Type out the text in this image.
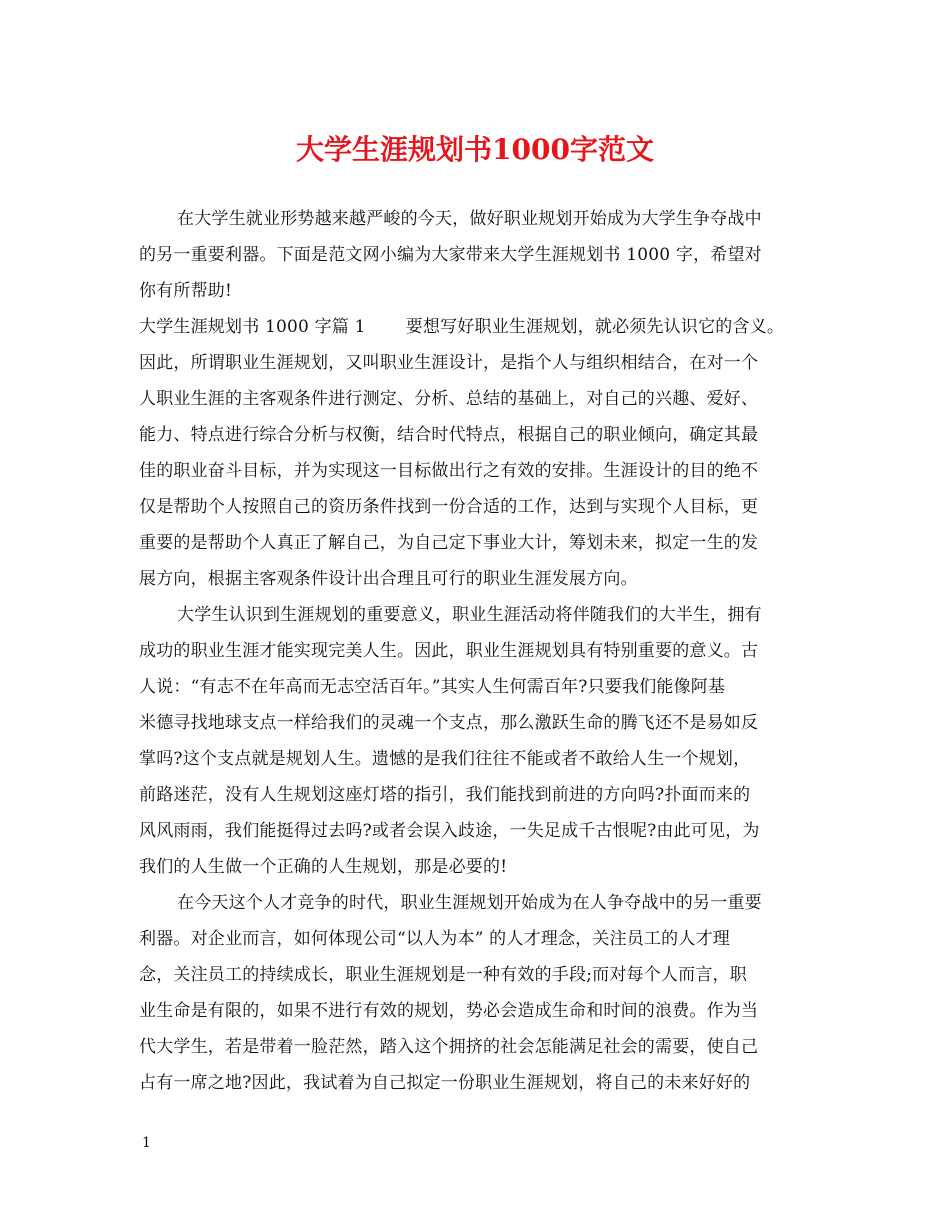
大学生涯规划书1000字范文
在大学生就业形势越来越严峻的今天，做好职业规划开始成为大学生争夺战中
的另一重要利器。下面是范文网小编为大家带来大学生涯规划书 1000 字，希望对
你有所帮助!
大学生涯规划书 1000 字篇 1　　 要想写好职业生涯规划，就必须先认识它的含义。
因此，所谓职业生涯规划，又叫职业生涯设计，是指个人与组织相结合，在对一个
人职业生涯的主客观条件进行测定、分析、总结的基础上，对自己的兴趣、爱好、
能力、特点进行综合分析与权衡，结合时代特点，根据自己的职业倾向，确定其最
佳的职业奋斗目标，并为实现这一目标做出行之有效的安排。生涯设计的目的绝不
仅是帮助个人按照自己的资历条件找到一份合适的工作，达到与实现个人目标，更
重要的是帮助个人真正了解自己，为自己定下事业大计，筹划未来，拟定一生的发
展方向，根据主客观条件设计出合理且可行的职业生涯发展方向。
大学生认识到生涯规划的重要意义，职业生涯活动将伴随我们的大半生，拥有
成功的职业生涯才能实现完美人生。因此，职业生涯规划具有特别重要的意义。古
人说：“有志不在年高而无志空活百年。”其实人生何需百年?只要我们能像阿基
米德寻找地球支点一样给我们的灵魂一个支点，那么激跃生命的腾飞还不是易如反
掌吗?这个支点就是规划人生。遗憾的是我们往往不能或者不敢给人生一个规划，
前路迷茫，没有人生规划这座灯塔的指引，我们能找到前进的方向吗?扑面而来的
风风雨雨，我们能挺得过去吗?或者会误入歧途，一失足成千古恨呢?由此可见，为
我们的人生做一个正确的人生规划，那是必要的!
在今天这个人才竞争的时代，职业生涯规划开始成为在人争夺战中的另一重要
利器。对企业而言，如何体现公司“以人为本” 的人才理念，关注员工的人才理
念，关注员工的持续成长，职业生涯规划是一种有效的手段;而对每个人而言，职
业生命是有限的，如果不进行有效的规划，势必会造成生命和时间的浪费。作为当
代大学生，若是带着一脸茫然，踏入这个拥挤的社会怎能满足社会的需要，使自己
占有一席之地?因此，我试着为自己拟定一份职业生涯规划，将自己的未来好好的
1
